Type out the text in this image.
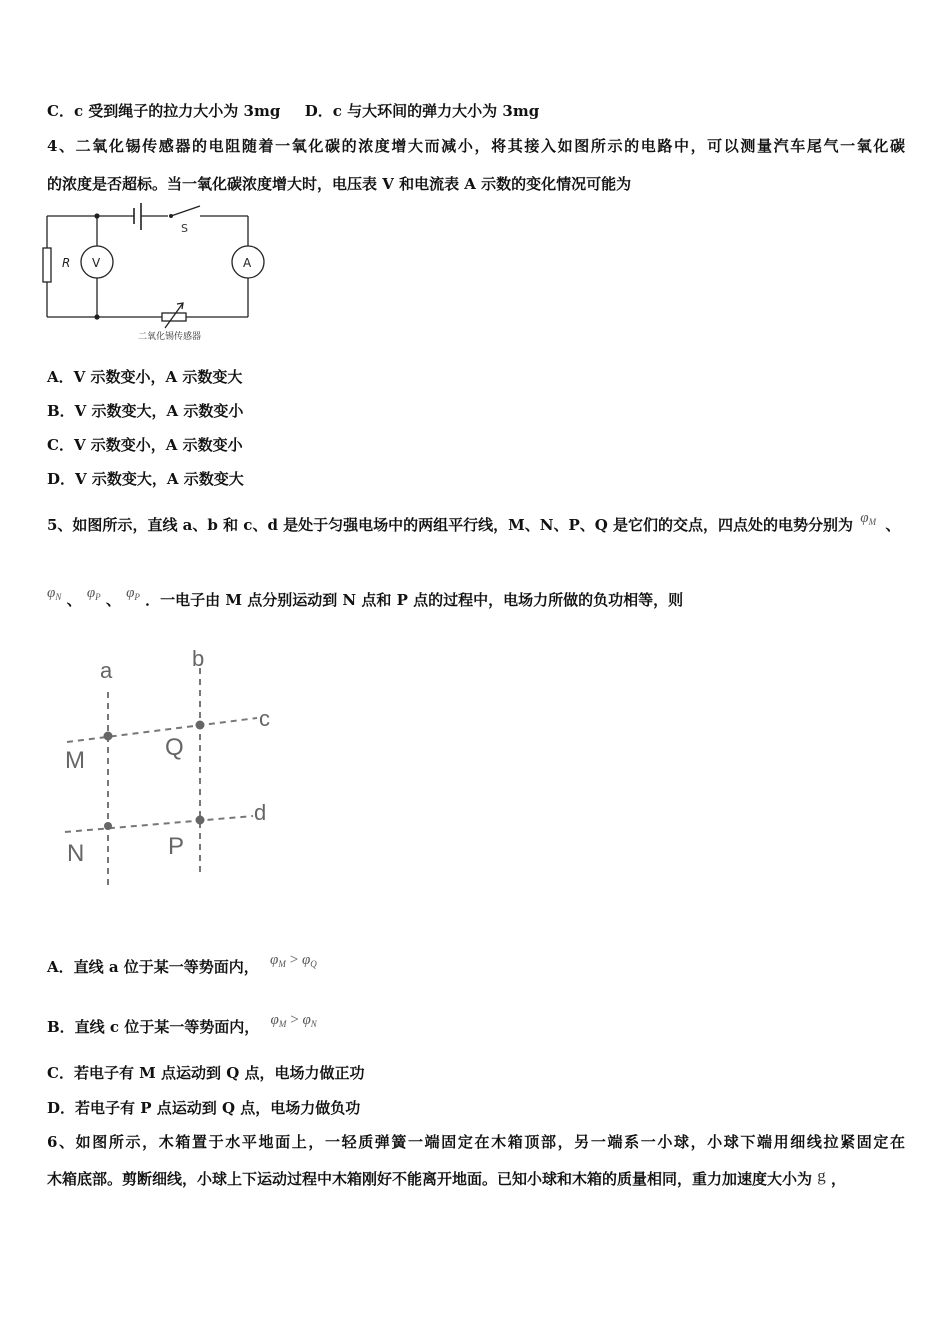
C．c 受到绳子的拉力大小为 3mg D．c 与大环间的弹力大小为 3mg
4、二氧化锡传感器的电阻随着一氧化碳的浓度增大而减小，将其接入如图所示的电路中，可以测量汽车尾气一氧化碳
的浓度是否超标。当一氧化碳浓度增大时，电压表 V 和电流表 A 示数的变化情况可能为
R V	A
S
二氧化锡传感器
A．V 示数变小，A 示数变大
B．V 示数变大，A 示数变小
C．V 示数变小，A 示数变小
D．V 示数变大，A 示数变大
5、如图所示，直线 a、b 和 c、d 是处于匀强电场中的两组平行线，M、N、P、Q 是它们的交点，四点处的电势分别为 $\varphi_M$ 、
$\varphi_N$ 、 $\varphi_P$ 、 $\varphi_P$ ．一电子由 M 点分别运动到 N 点和 P 点的过程中，电场力所做的负功相等，则
a	b
c
d
M	Q
N	P
A．直线 a 位于某一等势面内， $\varphi_M > \varphi_Q$
B．直线 c 位于某一等势面内， $\varphi_M > \varphi_N$
C．若电子有 M 点运动到 Q 点，电场力做正功
D．若电子有 P 点运动到 Q 点，电场力做负功
6、如图所示，木箱置于水平地面上，一轻质弹簧一端固定在木箱顶部，另一端系一小球，小球下端用细线拉紧固定在
木箱底部。剪断细线，小球上下运动过程中木箱刚好不能离开地面。已知小球和木箱的质量相同，重力加速度大小为 g ，
